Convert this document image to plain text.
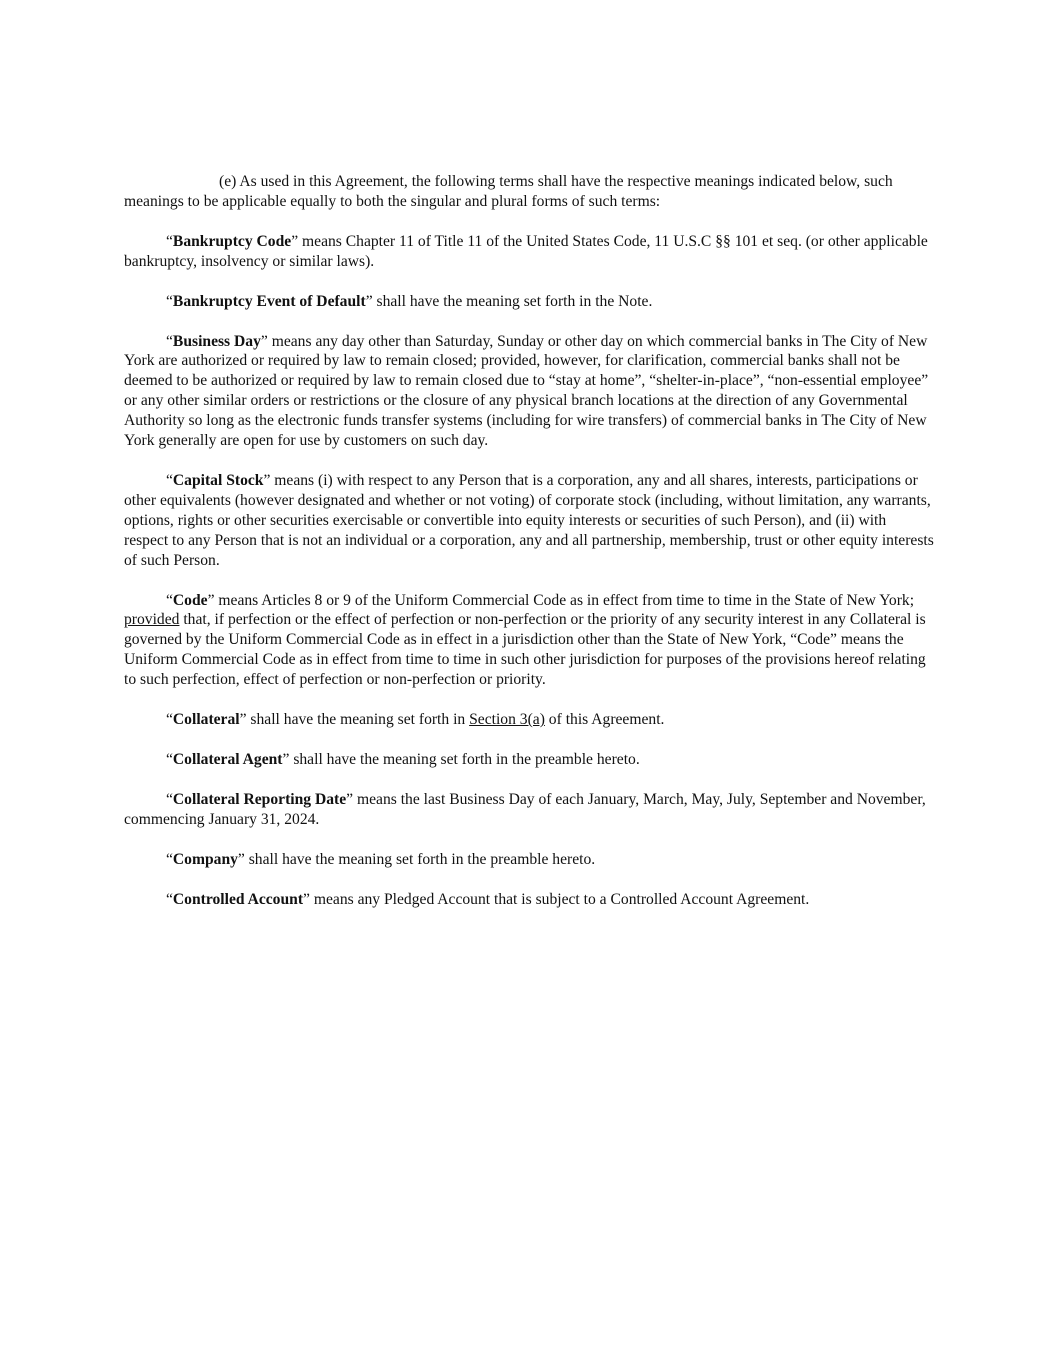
(e) As used in this Agreement, the following terms shall have the respective meanings indicated below, such meanings to be applicable equally to both the singular and plural forms of such terms:

“Bankruptcy Code” means Chapter 11 of Title 11 of the United States Code, 11 U.S.C §§ 101 et seq. (or other applicable bankruptcy, insolvency or similar laws).

“Bankruptcy Event of Default” shall have the meaning set forth in the Note.

“Business Day” means any day other than Saturday, Sunday or other day on which commercial banks in The City of New York are authorized or required by law to remain closed; provided, however, for clarification, commercial banks shall not be deemed to be authorized or required by law to remain closed due to “stay at home”, “shelter-in-place”, “non-essential employee” or any other similar orders or restrictions or the closure of any physical branch locations at the direction of any Governmental Authority so long as the electronic funds transfer systems (including for wire transfers) of commercial banks in The City of New York generally are open for use by customers on such day.

“Capital Stock” means (i) with respect to any Person that is a corporation, any and all shares, interests, participations or other equivalents (however designated and whether or not voting) of corporate stock (including, without limitation, any warrants, options, rights or other securities exercisable or convertible into equity interests or securities of such Person), and (ii) with respect to any Person that is not an individual or a corporation, any and all partnership, membership, trust or other equity interests of such Person.

“Code” means Articles 8 or 9 of the Uniform Commercial Code as in effect from time to time in the State of New York; provided that, if perfection or the effect of perfection or non-perfection or the priority of any security interest in any Collateral is governed by the Uniform Commercial Code as in effect in a jurisdiction other than the State of New York, “Code” means the Uniform Commercial Code as in effect from time to time in such other jurisdiction for purposes of the provisions hereof relating to such perfection, effect of perfection or non-perfection or priority.

“Collateral” shall have the meaning set forth in Section 3(a) of this Agreement.

“Collateral Agent” shall have the meaning set forth in the preamble hereto.

“Collateral Reporting Date” means the last Business Day of each January, March, May, July, September and November, commencing January 31, 2024.

“Company” shall have the meaning set forth in the preamble hereto.

“Controlled Account” means any Pledged Account that is subject to a Controlled Account Agreement.
